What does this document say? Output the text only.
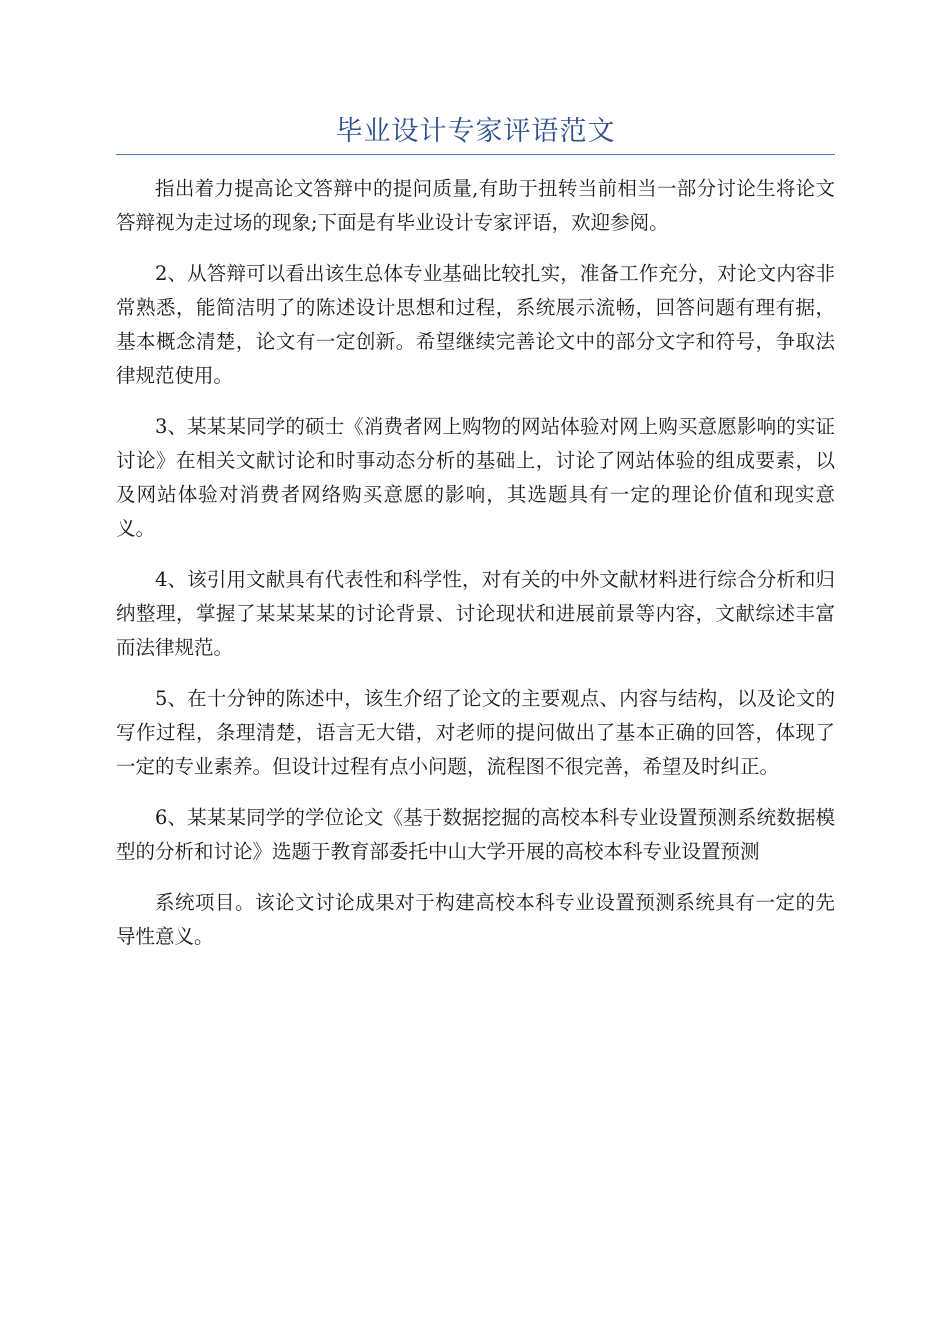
毕业设计专家评语范文

指出着力提高论文答辩中的提问质量,有助于扭转当前相当一部分讨论生将论文答辩视为走过场的现象;下面是有毕业设计专家评语，欢迎参阅。

2、从答辩可以看出该生总体专业基础比较扎实，准备工作充分，对论文内容非常熟悉，能简洁明了的陈述设计思想和过程，系统展示流畅，回答问题有理有据，基本概念清楚，论文有一定创新。希望继续完善论文中的部分文字和符号，争取法律规范使用。

3、某某某同学的硕士《消费者网上购物的网站体验对网上购买意愿影响的实证讨论》在相关文献讨论和时事动态分析的基础上，讨论了网站体验的组成要素，以及网站体验对消费者网络购买意愿的影响，其选题具有一定的理论价值和现实意义。

4、该引用文献具有代表性和科学性，对有关的中外文献材料进行综合分析和归纳整理，掌握了某某某某的讨论背景、讨论现状和进展前景等内容，文献综述丰富而法律规范。

5、在十分钟的陈述中，该生介绍了论文的主要观点、内容与结构，以及论文的写作过程，条理清楚，语言无大错，对老师的提问做出了基本正确的回答，体现了一定的专业素养。但设计过程有点小问题，流程图不很完善，希望及时纠正。

6、某某某同学的学位论文《基于数据挖掘的高校本科专业设置预测系统数据模型的分析和讨论》选题于教育部委托中山大学开展的高校本科专业设置预测

系统项目。该论文讨论成果对于构建高校本科专业设置预测系统具有一定的先导性意义。
